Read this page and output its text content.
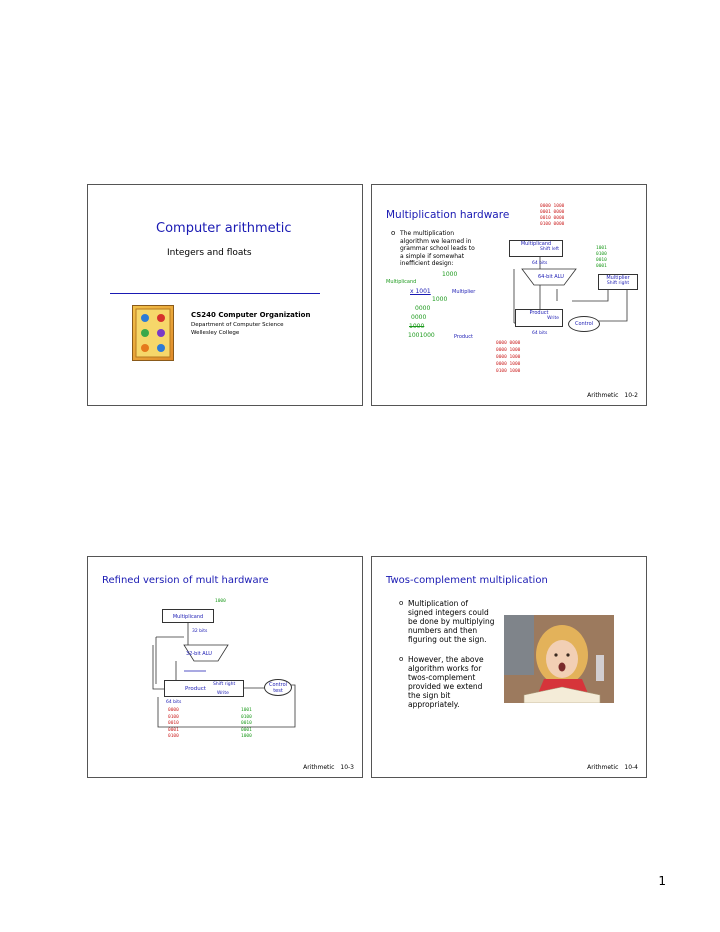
Computer arithmetic
Integers and floats
CS240 Computer Organization
Department of Computer Science
Wellesley College
Multiplication hardware
0000 1000
0001 0000
0010 0000
0100 0000
o The multiplication
algorithm we learned in
grammar school leads to
a simple if somewhat
inefficient design:
1000
Multiplicand
x 1001	Multiplier
1000
0000
0000
1000
1001000	Product
Multiplicand
Shift left
64 bits
64-bit ALU	Multiplier
Shift right
Product
Write
64 bits
Control
1001
0100
0010
0001
0000 0000
0000 1000
0000 1000
0000 1000
0100 1000
Arithmetic 10-2
Refined version of mult hardware
1000
Multiplicand
32 bits
32-bit ALU
Product
Shift right
Write
64 bits
Control
test
0000
0100
0010
0001
0100
1001
0100
0010
0001
1000
Arithmetic 10-3
Twos-complement multiplication
o Multiplication of
signed integers could
be done by multiplying
numbers and then
figuring out the sign.
o However, the above
algorithm works for
twos-complement
provided we extend
the sign bit
appropriately.
Arithmetic 10-4
1
